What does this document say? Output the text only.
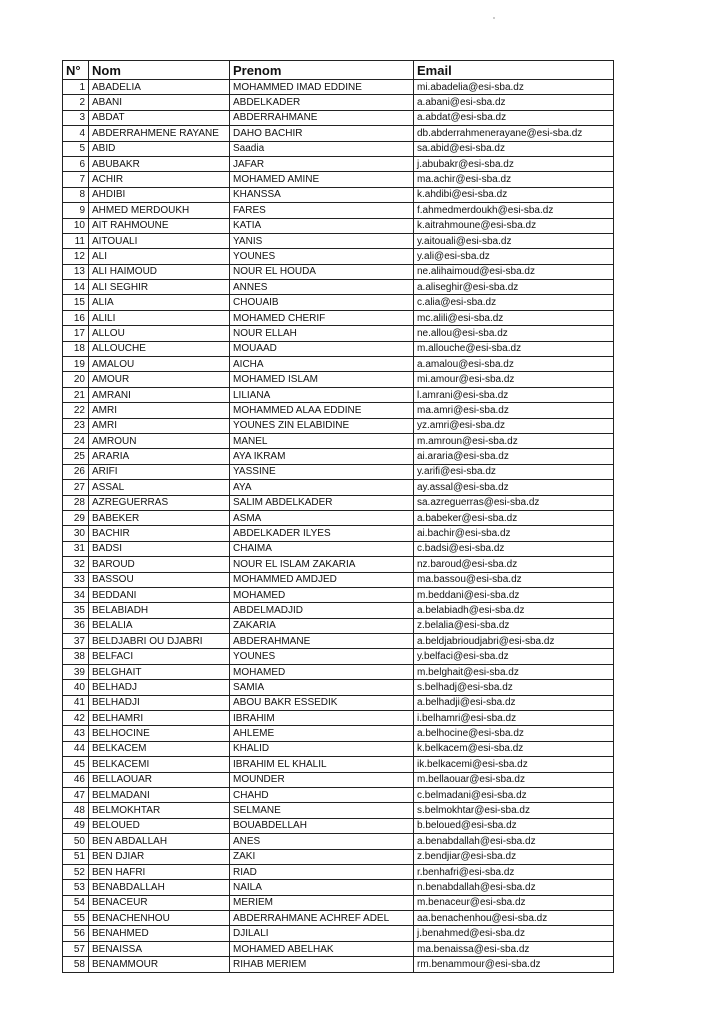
N°	Nom	Prenom	Email
1	ABADELIA	MOHAMMED IMAD EDDINE	mi.abadelia@esi-sba.dz
2	ABANI	ABDELKADER	a.abani@esi-sba.dz
3	ABDAT	ABDERRAHMANE	a.abdat@esi-sba.dz
4	ABDERRAHMENE RAYANE	DAHO BACHIR	db.abderrahmenerayane@esi-sba.dz
5	ABID	Saadia	sa.abid@esi-sba.dz
6	ABUBAKR	JAFAR	j.abubakr@esi-sba.dz
7	ACHIR	MOHAMED AMINE	ma.achir@esi-sba.dz
8	AHDIBI	KHANSSA	k.ahdibi@esi-sba.dz
9	AHMED MERDOUKH	FARES	f.ahmedmerdoukh@esi-sba.dz
10	AIT RAHMOUNE	KATIA	k.aitrahmoune@esi-sba.dz
11	AITOUALI	YANIS	y.aitouali@esi-sba.dz
12	ALI	YOUNES	y.ali@esi-sba.dz
13	ALI HAIMOUD	NOUR EL HOUDA	ne.alihaimoud@esi-sba.dz
14	ALI SEGHIR	ANNES	a.aliseghir@esi-sba.dz
15	ALIA	CHOUAIB	c.alia@esi-sba.dz
16	ALILI	MOHAMED CHERIF	mc.alili@esi-sba.dz
17	ALLOU	NOUR ELLAH	ne.allou@esi-sba.dz
18	ALLOUCHE	MOUAAD	m.allouche@esi-sba.dz
19	AMALOU	AICHA	a.amalou@esi-sba.dz
20	AMOUR	MOHAMED ISLAM	mi.amour@esi-sba.dz
21	AMRANI	LILIANA	l.amrani@esi-sba.dz
22	AMRI	MOHAMMED ALAA EDDINE	ma.amri@esi-sba.dz
23	AMRI	YOUNES ZIN ELABIDINE	yz.amri@esi-sba.dz
24	AMROUN	MANEL	m.amroun@esi-sba.dz
25	ARARIA	AYA IKRAM	ai.araria@esi-sba.dz
26	ARIFI	YASSINE	y.arifi@esi-sba.dz
27	ASSAL	AYA	ay.assal@esi-sba.dz
28	AZREGUERRAS	SALIM ABDELKADER	sa.azreguerras@esi-sba.dz
29	BABEKER	ASMA	a.babeker@esi-sba.dz
30	BACHIR	ABDELKADER ILYES	ai.bachir@esi-sba.dz
31	BADSI	CHAIMA	c.badsi@esi-sba.dz
32	BAROUD	NOUR EL ISLAM ZAKARIA	nz.baroud@esi-sba.dz
33	BASSOU	MOHAMMED AMDJED	ma.bassou@esi-sba.dz
34	BEDDANI	MOHAMED	m.beddani@esi-sba.dz
35	BELABIADH	ABDELMADJID	a.belabiadh@esi-sba.dz
36	BELALIA	ZAKARIA	z.belalia@esi-sba.dz
37	BELDJABRI OU DJABRI	ABDERAHMANE	a.beldjabrioudjabri@esi-sba.dz
38	BELFACI	YOUNES	y.belfaci@esi-sba.dz
39	BELGHAIT	MOHAMED	m.belghait@esi-sba.dz
40	BELHADJ	SAMIA	s.belhadj@esi-sba.dz
41	BELHADJI	ABOU BAKR ESSEDIK	a.belhadji@esi-sba.dz
42	BELHAMRI	IBRAHIM	i.belhamri@esi-sba.dz
43	BELHOCINE	AHLEME	a.belhocine@esi-sba.dz
44	BELKACEM	KHALID	k.belkacem@esi-sba.dz
45	BELKACEMI	IBRAHIM EL KHALIL	ik.belkacemi@esi-sba.dz
46	BELLAOUAR	MOUNDER	m.bellaouar@esi-sba.dz
47	BELMADANI	CHAHD	c.belmadani@esi-sba.dz
48	BELMOKHTAR	SELMANE	s.belmokhtar@esi-sba.dz
49	BELOUED	BOUABDELLAH	b.beloued@esi-sba.dz
50	BEN ABDALLAH	ANES	a.benabdallah@esi-sba.dz
51	BEN DJIAR	ZAKI	z.bendjiar@esi-sba.dz
52	BEN HAFRI	RIAD	r.benhafri@esi-sba.dz
53	BENABDALLAH	NAILA	n.benabdallah@esi-sba.dz
54	BENACEUR	MERIEM	m.benaceur@esi-sba.dz
55	BENACHENHOU	ABDERRAHMANE ACHREF ADEL	aa.benachenhou@esi-sba.dz
56	BENAHMED	DJILALI	j.benahmed@esi-sba.dz
57	BENAISSA	MOHAMED ABELHAK	ma.benaissa@esi-sba.dz
58	BENAMMOUR	RIHAB MERIEM	rm.benammour@esi-sba.dz
